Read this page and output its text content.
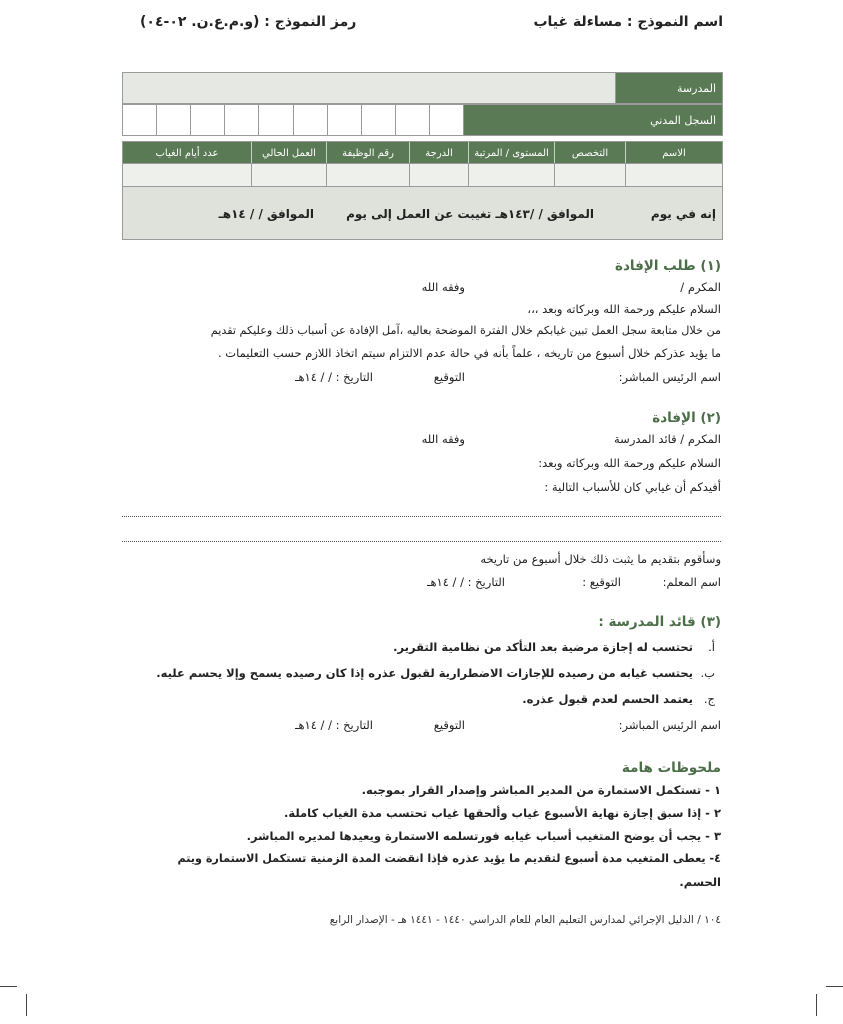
اسم النموذج : مساءلة غياب
رمز النموذج : (و.م.ع.ن. ٠٢-٠٤)
المدرسة
السجل المدني
الاسم
التخصص
المستوى / المرتبة
الدرجة
رقم الوظيفة
العمل الحالي
عدد أيام الغياب
إنه في يوم
الموافق / /١٤٣هـ تغيبت عن العمل إلى يوم
الموافق / / ١٤هـ
(١) طلب الإفادة
المكرم /
وفقه الله
السلام عليكم ورحمة الله وبركاته وبعد ،،،
من خلال متابعة سجل العمل تبين غيابكم خلال الفترة الموضحة بعاليه ،آمل الإفادة عن أسباب ذلك وعليكم تقديم
ما يؤيد عذركم خلال أسبوع من تاريخه ، علماً بأنه في حالة عدم الالتزام سيتم اتخاذ اللازم حسب التعليمات .
اسم الرئيس المباشر:
التوقيع
التاريخ : / / ١٤هـ
(٢) الإفادة
المكرم / قائد المدرسة
وفقه الله
السلام عليكم ورحمة الله وبركاته وبعد:
أفيدكم أن غيابي كان للأسباب التالية :
وسأقوم بتقديم ما يثبت ذلك خلال أسبوع من تاريخه
اسم المعلم:
التوقيع :
التاريخ : / / ١٤هـ
(٣) قائد المدرسة :
أ.
تحتسب له إجازة مرضية بعد التأكد من نظامية التقرير.
ب.
يحتسب غيابه من رصيده للإجازات الاضطرارية لقبول عذره إذا كان رصيده يسمح وإلا يحسم عليه.
ج.
يعتمد الحسم لعدم قبول عذره.
اسم الرئيس المباشر:
التوقيع
التاريخ : / / ١٤هـ
ملحوظات هامة
١ - تستكمل الاستمارة من المدير المباشر وإصدار القرار بموجبه.
٢ - إذا سبق إجازة نهاية الأسبوع غياب وألحقها غياب تحتسب مدة الغياب كاملة.
٣ - يجب أن يوضح المتغيب أسباب غيابه فورتسلمه الاستمارة ويعيدها لمديره المباشر.
٤- يعطى المتغيب مدة أسبوع لتقديم ما يؤيد عذره فإذا انقضت المدة الزمنية تستكمل الاستمارة ويتم
الحسم.
١٠٤ / الدليل الإجرائي لمدارس التعليم العام للعام الدراسي ١٤٤٠ - ١٤٤١ هـ - الإصدار الرابع
